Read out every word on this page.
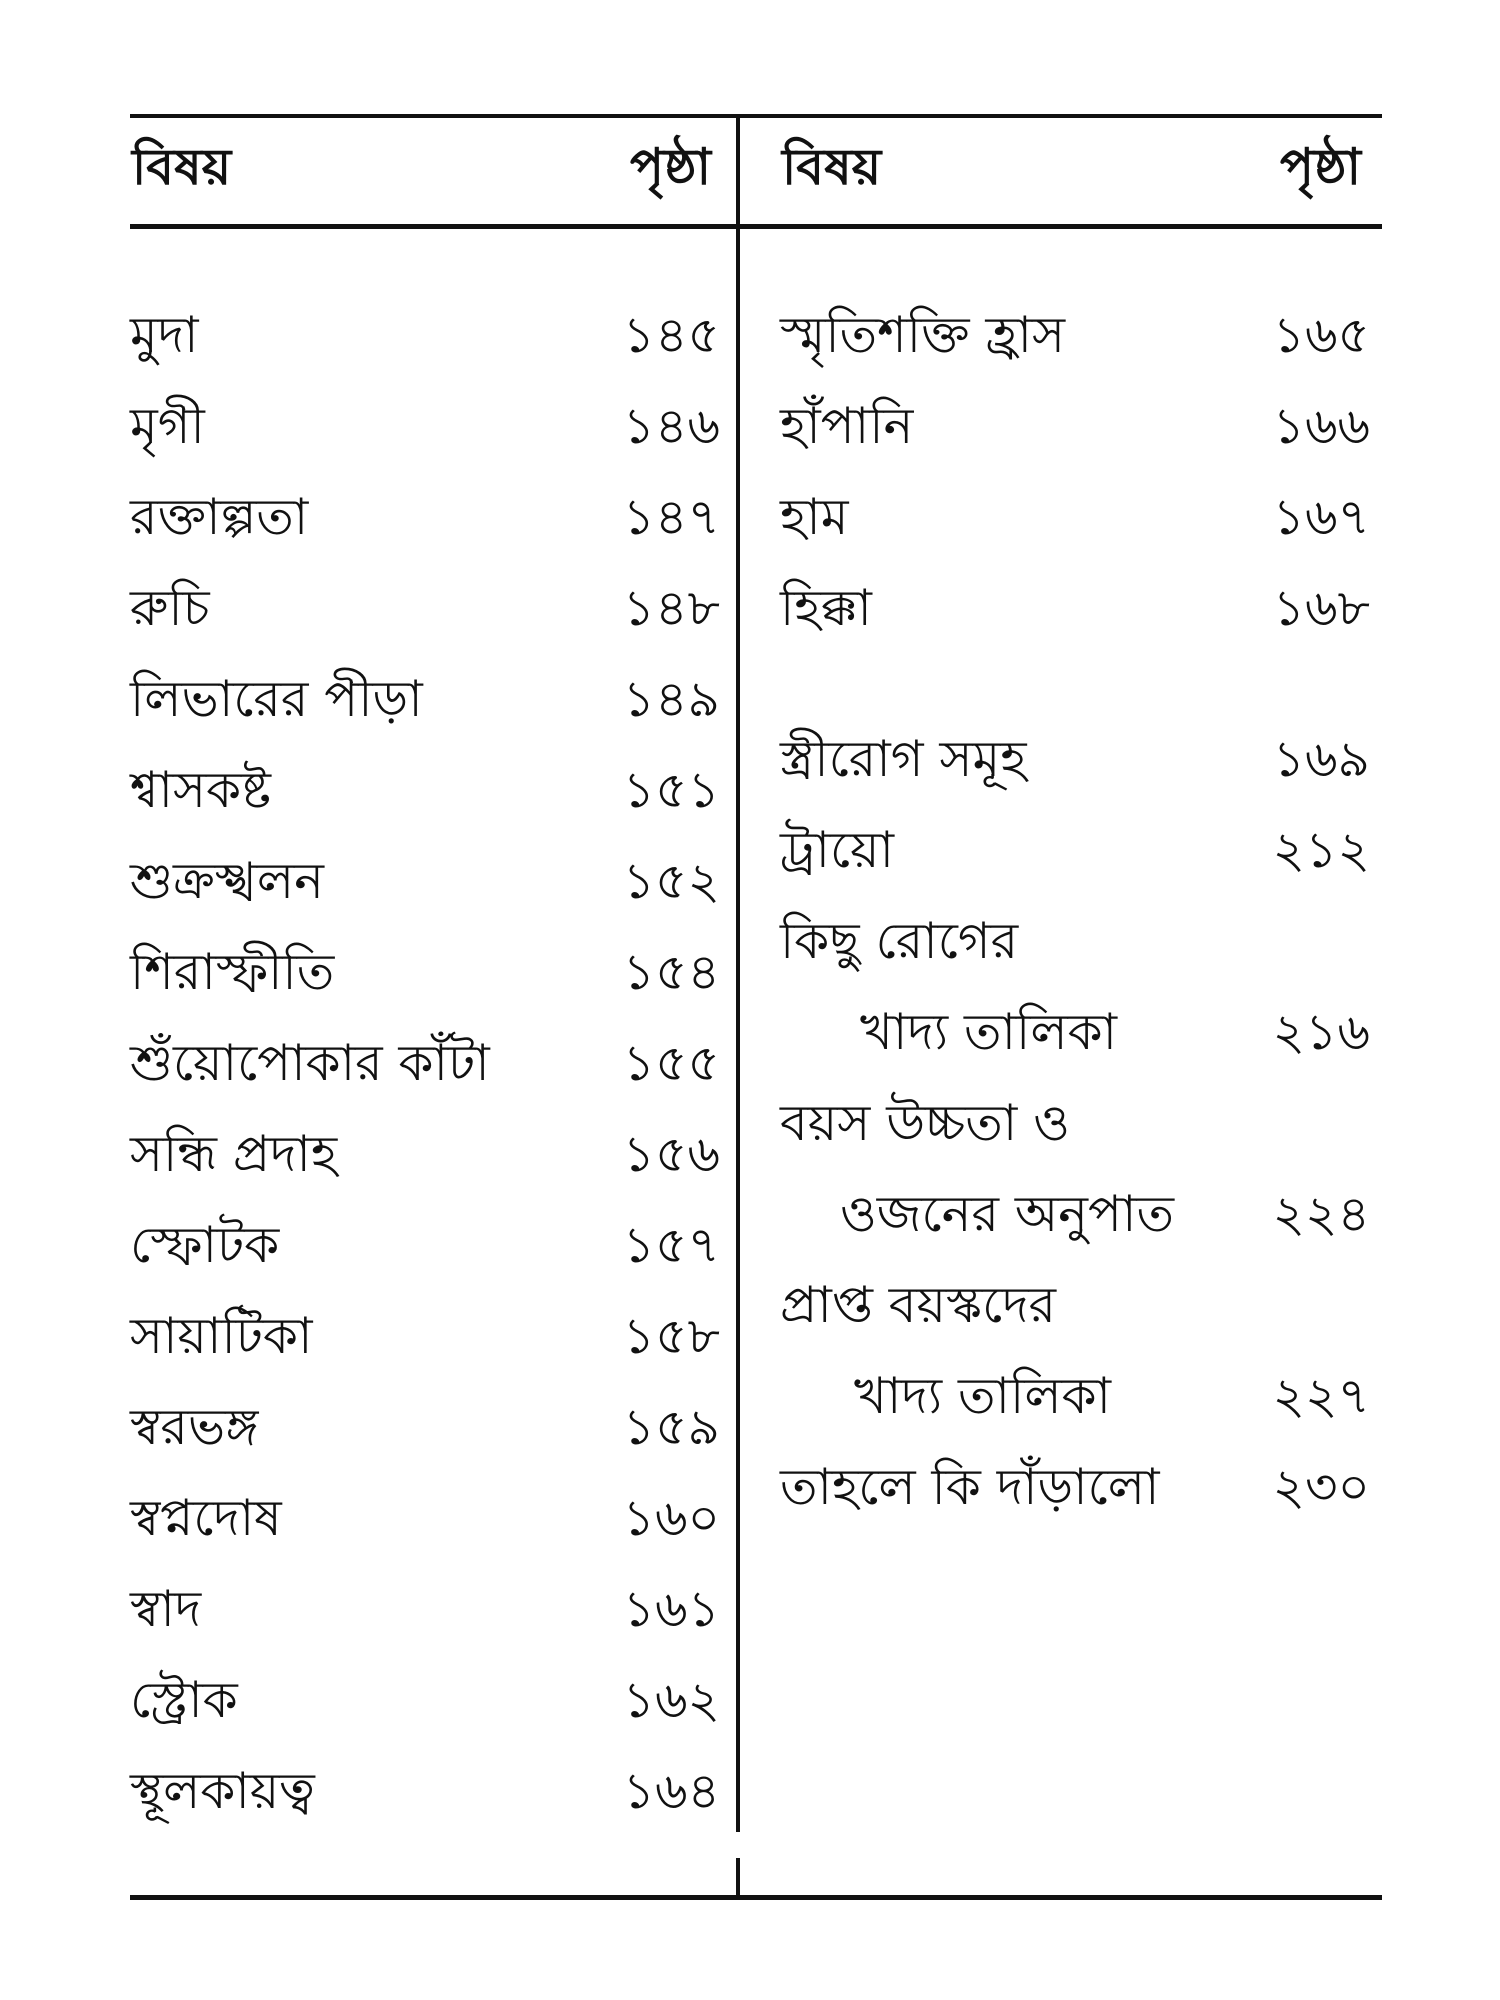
বিষয়	পৃষ্ঠা বিষয়	পৃষ্ঠা
মুদা	১৪৫
মৃগী	১৪৬
রক্তাল্পতা	১৪৭
রুচি	১৪৮
লিভারের পীড়া	১৪৯
শ্বাসকষ্ট	১৫১
শুক্রস্খলন	১৫২
শিরাস্ফীতি	১৫৪
শুঁয়োপোকার কাঁটা	১৫৫
সন্ধি প্রদাহ	১৫৬
স্ফোটক	১৫৭
সায়াটিকা	১৫৮
স্বরভঙ্গ	১৫৯
স্বপ্নদোষ	১৬০
স্বাদ	১৬১
স্ট্রোক	১৬২
স্থূলকায়ত্ব	১৬৪
স্মৃতিশক্তি হ্রাস	১৬৫
হাঁপানি	১৬৬
হাম	১৬৭
হিক্কা	১৬৮
স্ত্রীরোগ সমূহ	১৬৯
ট্রায়ো	২১২
কিছু রোগের
খাদ্য তালিকা	২১৬
বয়স উচ্চতা ও
ওজনের অনুপাত ২২৪
প্রাপ্ত বয়স্কদের
খাদ্য তালিকা	২২৭
তাহলে কি দাঁড়ালো ২৩০
